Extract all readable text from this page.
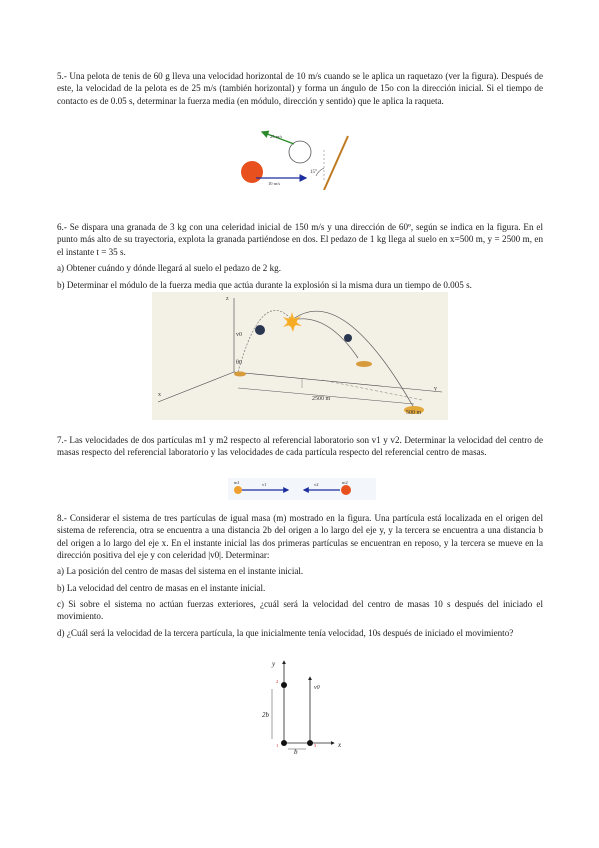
5.- Una pelota de tenis de 60 g lleva una velocidad horizontal de 10 m/s cuando se le aplica un raquetazo (ver la figura). Después de este, la velocidad de la pelota es de 25 m/s (también horizontal) y forma un ángulo de 15o con la dirección inicial. Si el tiempo de contacto es de 0.05 s, determinar la fuerza media (en módulo, dirección y sentido) que le aplica la raqueta.

25 m/s
10 m/s
15°

6.- Se dispara una granada de 3 kg con una celeridad inicial de 150 m/s y una dirección de 60º, según se indica en la figura. En el punto más alto de su trayectoria, explota la granada partiéndose en dos. El pedazo de 1 kg llega al suelo en x=500 m, y = 2500 m, en el instante t = 35 s.

a) Obtener cuándo y dónde llegará al suelo el pedazo de 2 kg.

b) Determinar el módulo de la fuerza media que actúa durante la explosión si la misma dura un tiempo de 0.005 s.

z
x
y
v0
θ0
2500 m
500 m

7.- Las velocidades de dos partículas m1 y m2 respecto al referencial laboratorio son v1 y v2. Determinar la velocidad del centro de masas respecto del referencial laboratorio y las velocidades de cada partícula respecto del referencial centro de masas.

m1	v1	m2
v2

8.- Considerar el sistema de tres partículas de igual masa (m) mostrado en la figura. Una partícula está localizada en el origen del sistema de referencia, otra se encuentra a una distancia 2b del origen a lo largo del eje y, y la tercera se encuentra a una distancia b del origen a lo largo del eje x. En el instante inicial las dos primeras partículas se encuentran en reposo, y la tercera se mueve en la dirección positiva del eje y con celeridad |v0|. Determinar:

a) La posición del centro de masas del sistema en el instante inicial.

b) La velocidad del centro de masas en el instante inicial.

c) Si sobre el sistema no actúan fuerzas exteriores, ¿cuál será la velocidad del centro de masas 10 s después del iniciado el movimiento.

d) ¿Cuál será la velocidad de la tercera partícula, la que inicialmente tenía velocidad, 10s después de iniciado el movimiento?

y
x
v0
2
1	3
2b
b
